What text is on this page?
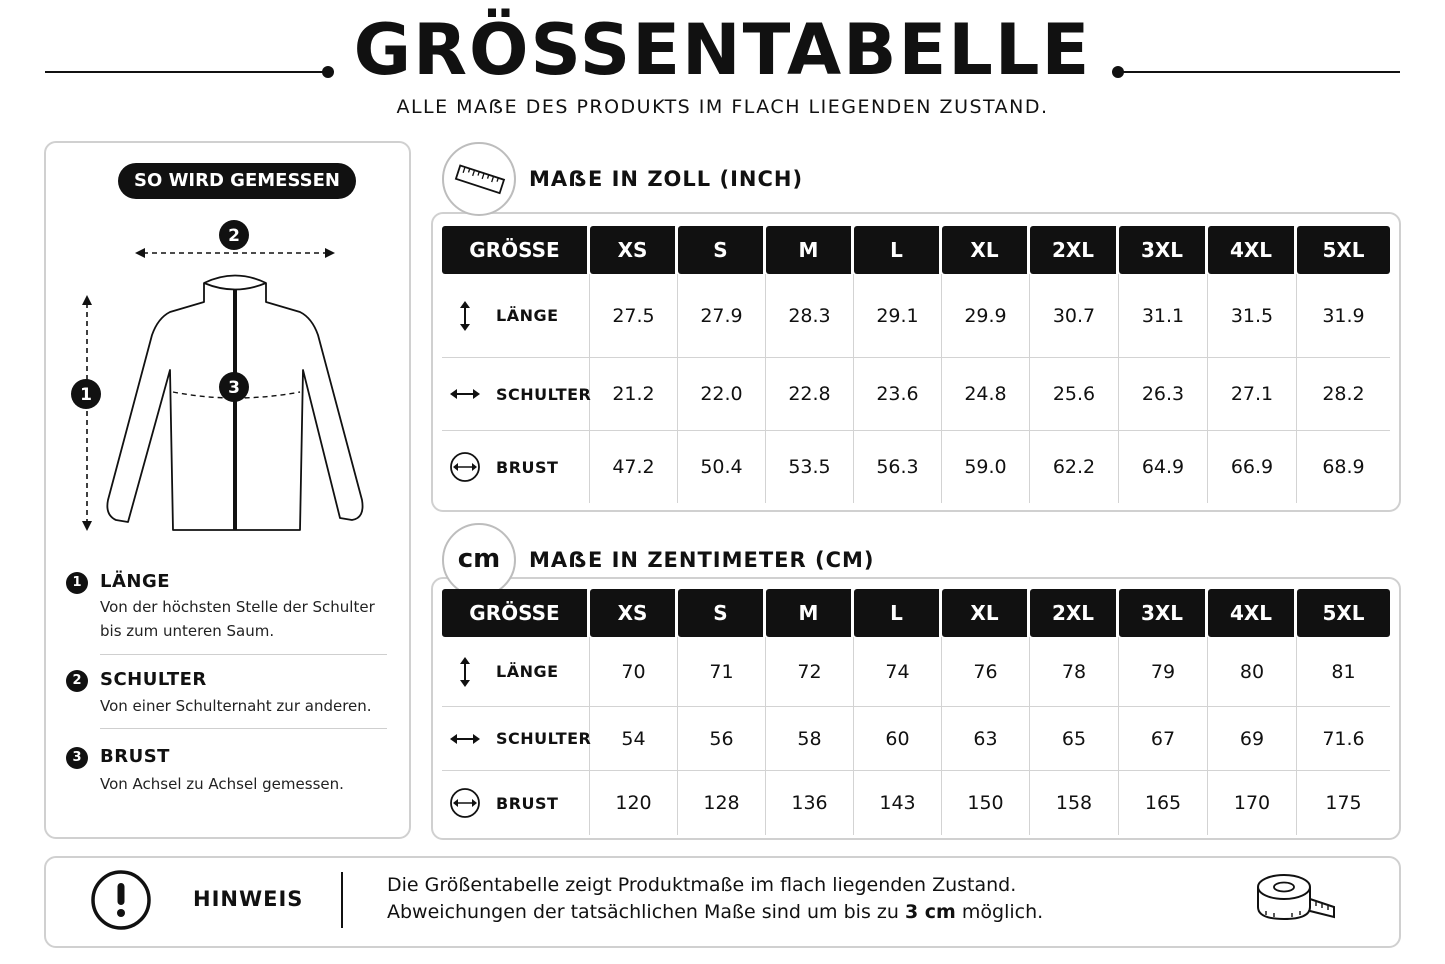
GRÖSSENTABELLE
ALLE MAẞE DES PRODUKTS IM FLACH LIEGENDEN ZUSTAND.
SO WIRD GEMESSEN
2
1	3
1	LÄNGE
Von der höchsten Stelle der Schulter bis zum unteren Saum.
2	SCHULTER
Von einer Schulternaht zur anderen.
3	BRUST
Von Achsel zu Achsel gemessen.
MAẞE IN ZOLL (INCH)
GRÖSSE	XS	S	M	L	XL	2XL	3XL	4XL	5XL

LÄNGE	27.5	27.9	28.3	29.1	29.9	30.7	31.1	31.5	31.9

SCHULTER	21.2	22.0	22.8	23.6	24.8	25.6	26.3	27.1	28.2

BRUST	47.2	50.4	53.5	56.3	59.0	62.2	64.9	66.9	68.9
cm	MAẞE IN ZENTIMETER (CM)
GRÖSSE	XS	S	M	L	XL	2XL	3XL	4XL	5XL

LÄNGE	70	71	72	74	76	78	79	80	81

SCHULTER	54	56	58	60	63	65	67	69	71.6

BRUST	120	128	136	143	150	158	165	170	175
HINWEIS
Die Größentabelle zeigt Produktmaße im flach liegenden Zustand.
Abweichungen der tatsächlichen Maße sind um bis zu 3 cm möglich.
